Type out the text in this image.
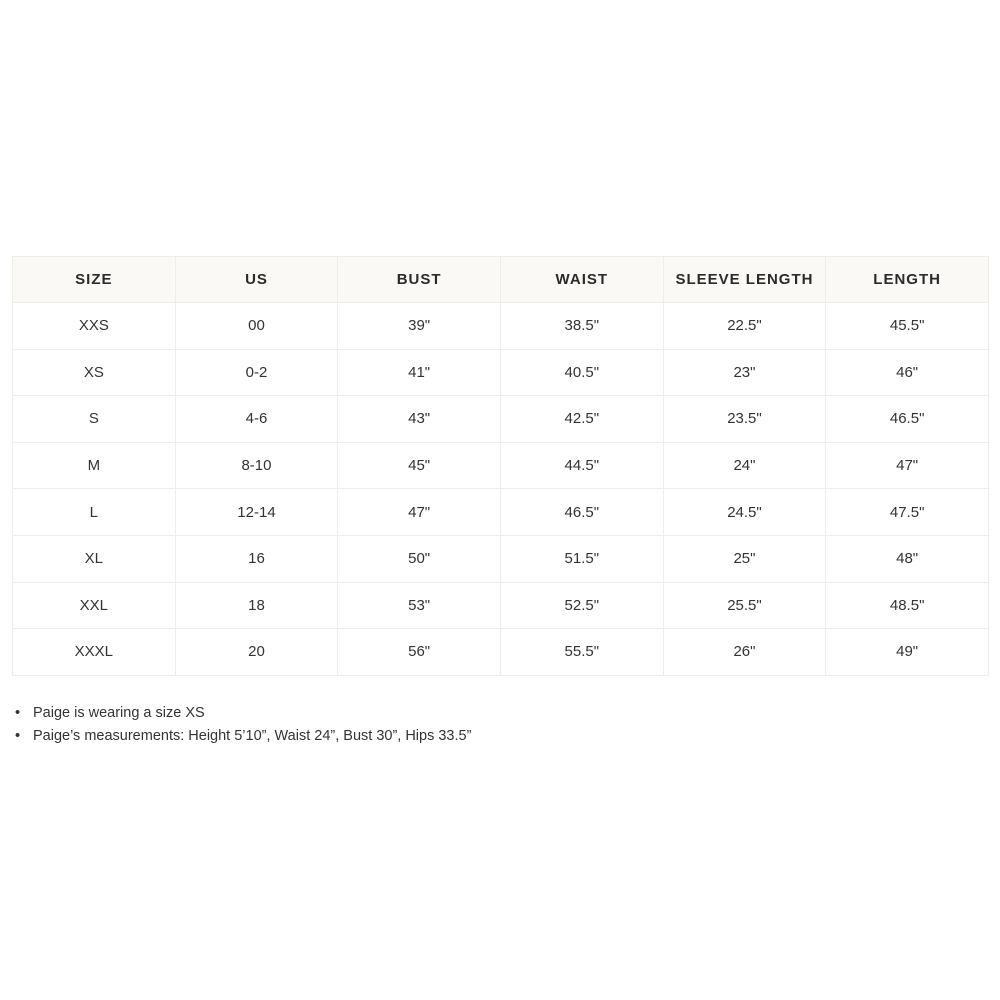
SIZE	US	BUST	WAIST	SLEEVE LENGTH	LENGTH
XXS	00	39"	38.5"	22.5"	45.5"
XS	0-2	41"	40.5"	23"	46"
S	4-6	43"	42.5"	23.5"	46.5"
M	8-10	45"	44.5"	24"	47"
L	12-14	47"	46.5"	24.5"	47.5"
XL	16	50"	51.5"	25"	48"
XXL	18	53"	52.5"	25.5"	48.5"
XXXL	20	56"	55.5"	26"	49"
• Paige is wearing a size XS
• Paige’s measurements: Height 5’10”, Waist 24”, Bust 30”, Hips 33.5”
